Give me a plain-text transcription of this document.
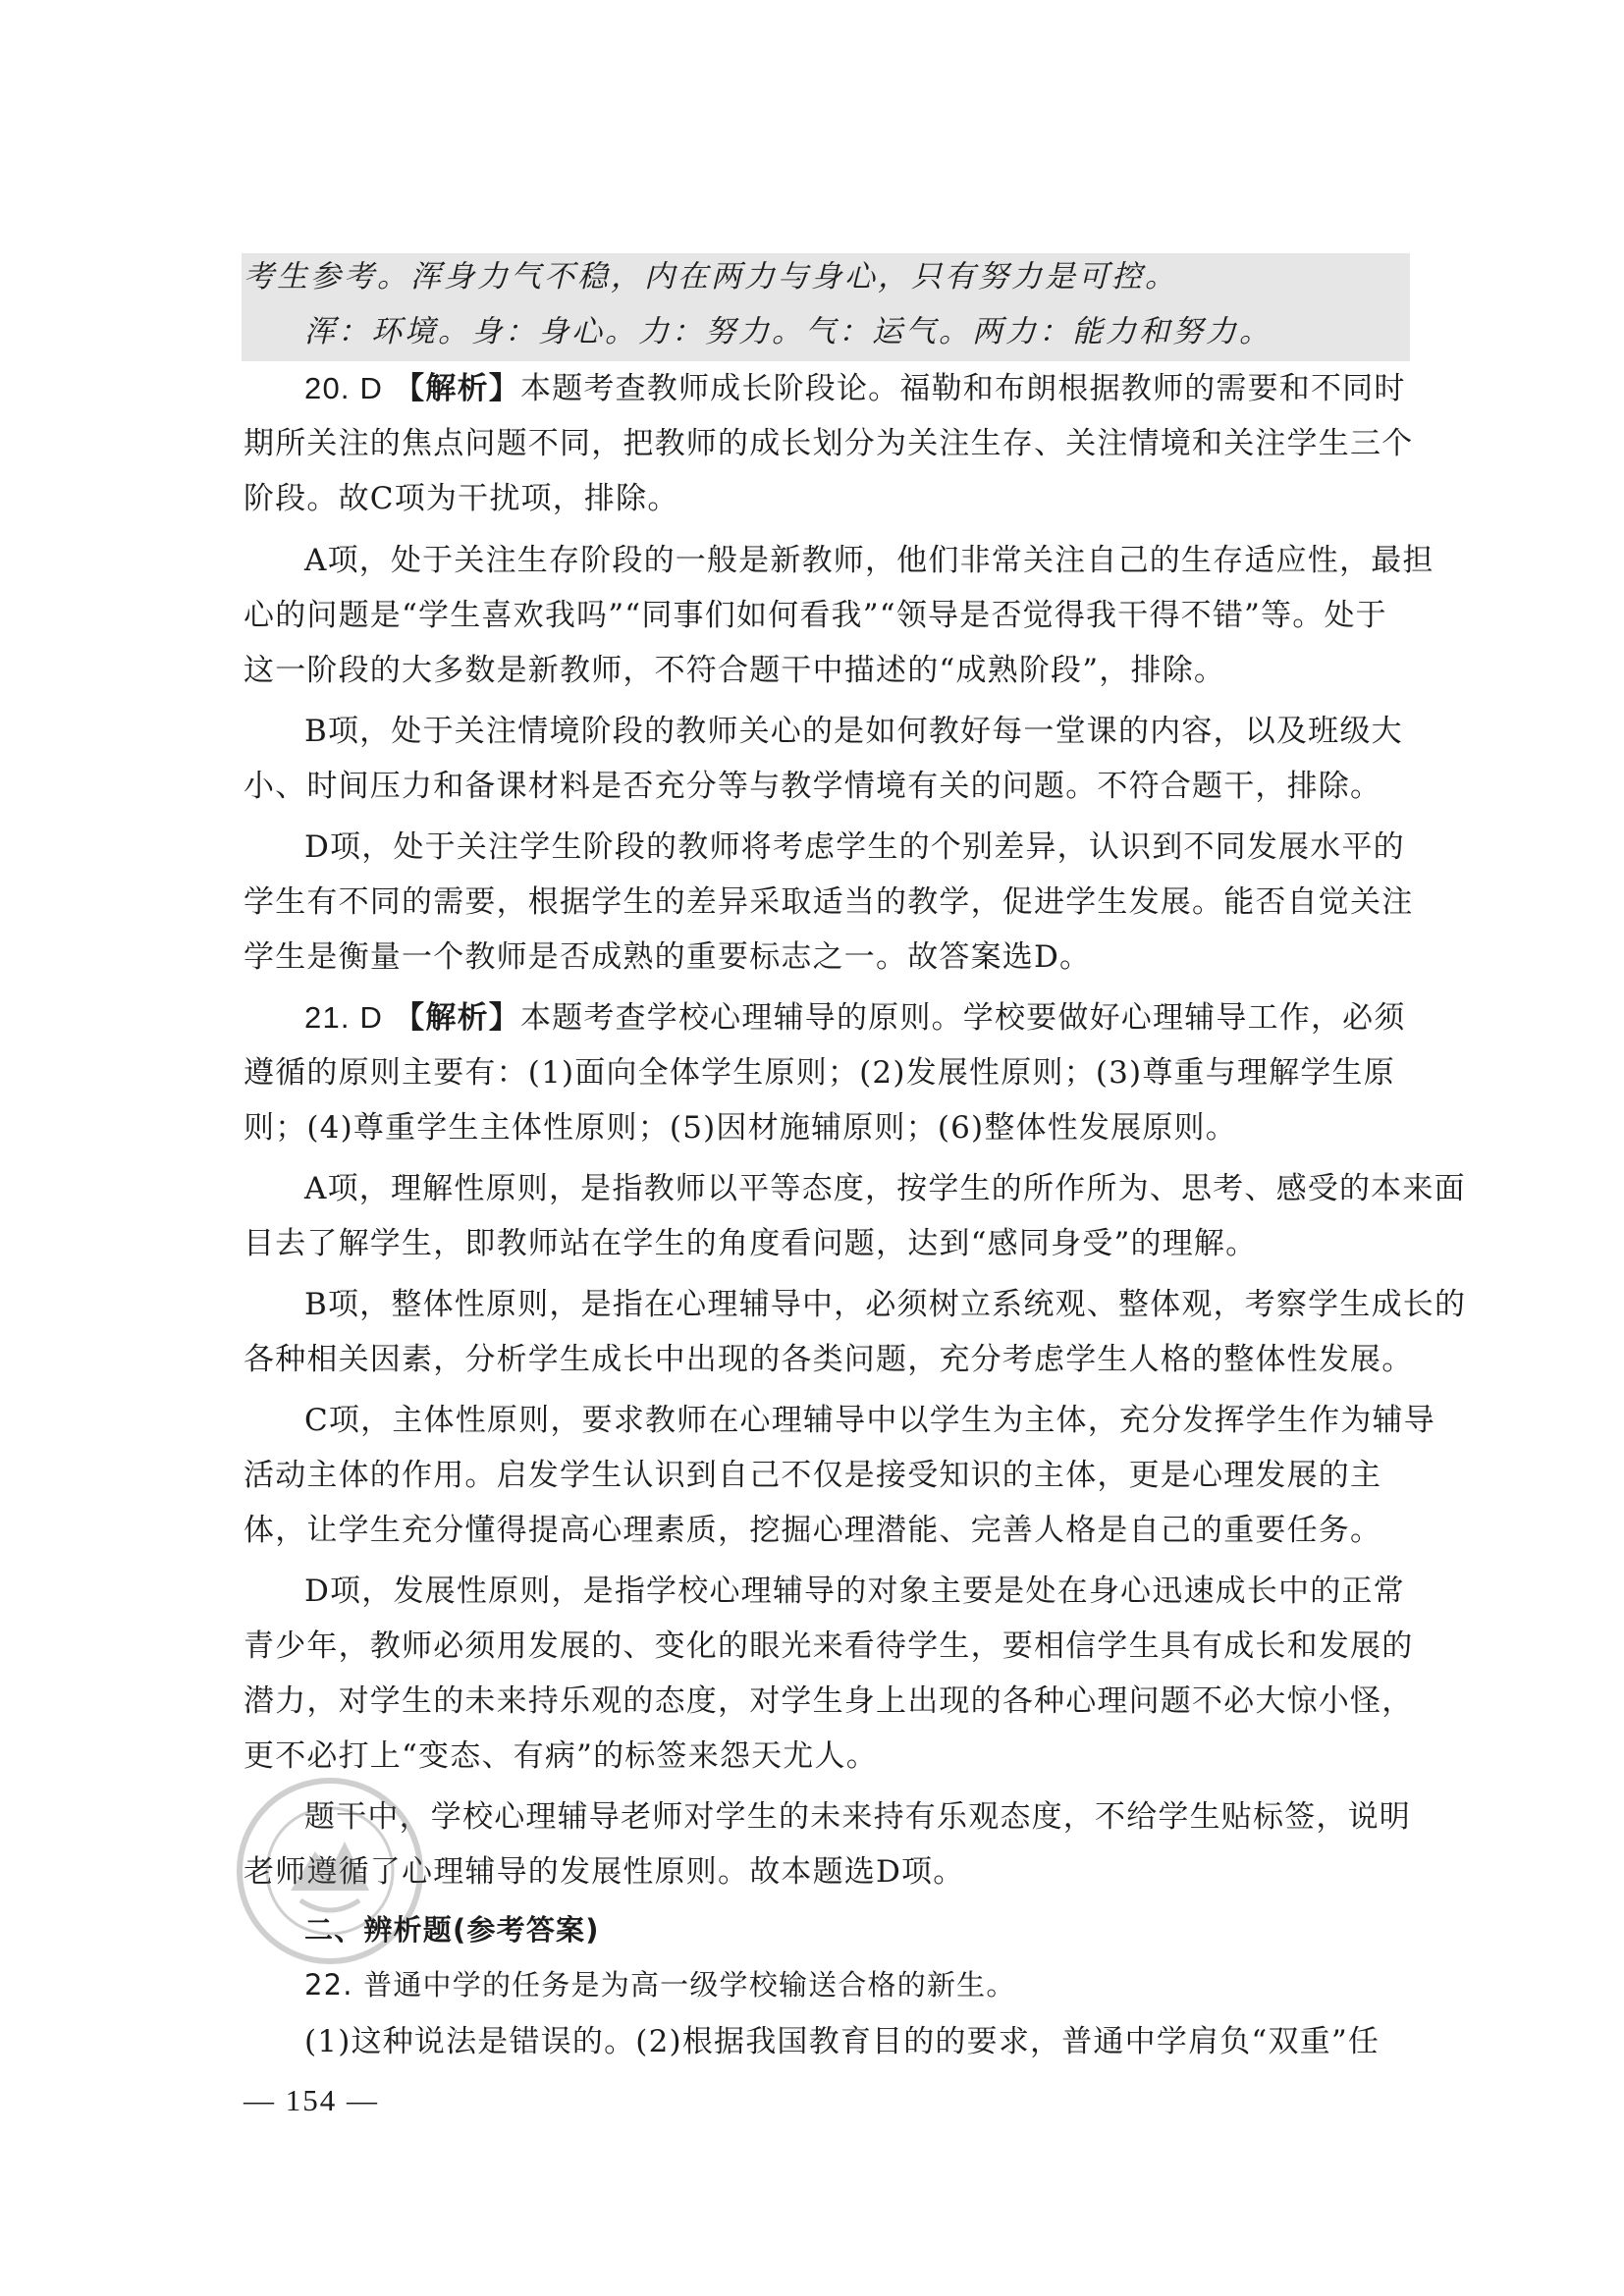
考生参考。浑身力气不稳，内在两力与身心，只有努力是可控。
浑：环境。身：身心。力：努力。气：运气。两力：能力和努力。
20. D 【解析】本题考查教师成长阶段论。福勒和布朗根据教师的需要和不同时
期所关注的焦点问题不同，把教师的成长划分为关注生存、关注情境和关注学生三个
阶段。故C项为干扰项，排除。
A项，处于关注生存阶段的一般是新教师，他们非常关注自己的生存适应性，最担
心的问题是“学生喜欢我吗”“同事们如何看我”“领导是否觉得我干得不错”等。处于
这一阶段的大多数是新教师，不符合题干中描述的“成熟阶段”，排除。
B项，处于关注情境阶段的教师关心的是如何教好每一堂课的内容，以及班级大
小、时间压力和备课材料是否充分等与教学情境有关的问题。不符合题干，排除。
D项，处于关注学生阶段的教师将考虑学生的个别差异，认识到不同发展水平的
学生有不同的需要，根据学生的差异采取适当的教学，促进学生发展。能否自觉关注
学生是衡量一个教师是否成熟的重要标志之一。故答案选D。
21. D 【解析】本题考查学校心理辅导的原则。学校要做好心理辅导工作，必须
遵循的原则主要有：(1)面向全体学生原则；(2)发展性原则；(3)尊重与理解学生原
则；(4)尊重学生主体性原则；(5)因材施辅原则；(6)整体性发展原则。
A项，理解性原则，是指教师以平等态度，按学生的所作所为、思考、感受的本来面
目去了解学生，即教师站在学生的角度看问题，达到“感同身受”的理解。
B项，整体性原则，是指在心理辅导中，必须树立系统观、整体观，考察学生成长的
各种相关因素，分析学生成长中出现的各类问题，充分考虑学生人格的整体性发展。
C项，主体性原则，要求教师在心理辅导中以学生为主体，充分发挥学生作为辅导
活动主体的作用。启发学生认识到自己不仅是接受知识的主体，更是心理发展的主
体，让学生充分懂得提高心理素质，挖掘心理潜能、完善人格是自己的重要任务。
D项，发展性原则，是指学校心理辅导的对象主要是处在身心迅速成长中的正常
青少年，教师必须用发展的、变化的眼光来看待学生，要相信学生具有成长和发展的
潜力，对学生的未来持乐观的态度，对学生身上出现的各种心理问题不必大惊小怪，
更不必打上“变态、有病”的标签来怨天尤人。
题干中，学校心理辅导老师对学生的未来持有乐观态度，不给学生贴标签，说明
老师遵循了心理辅导的发展性原则。故本题选D项。
二、辨析题(参考答案)
22. 普通中学的任务是为高一级学校输送合格的新生。
(1)这种说法是错误的。(2)根据我国教育目的的要求，普通中学肩负“双重”任
— 154 —
